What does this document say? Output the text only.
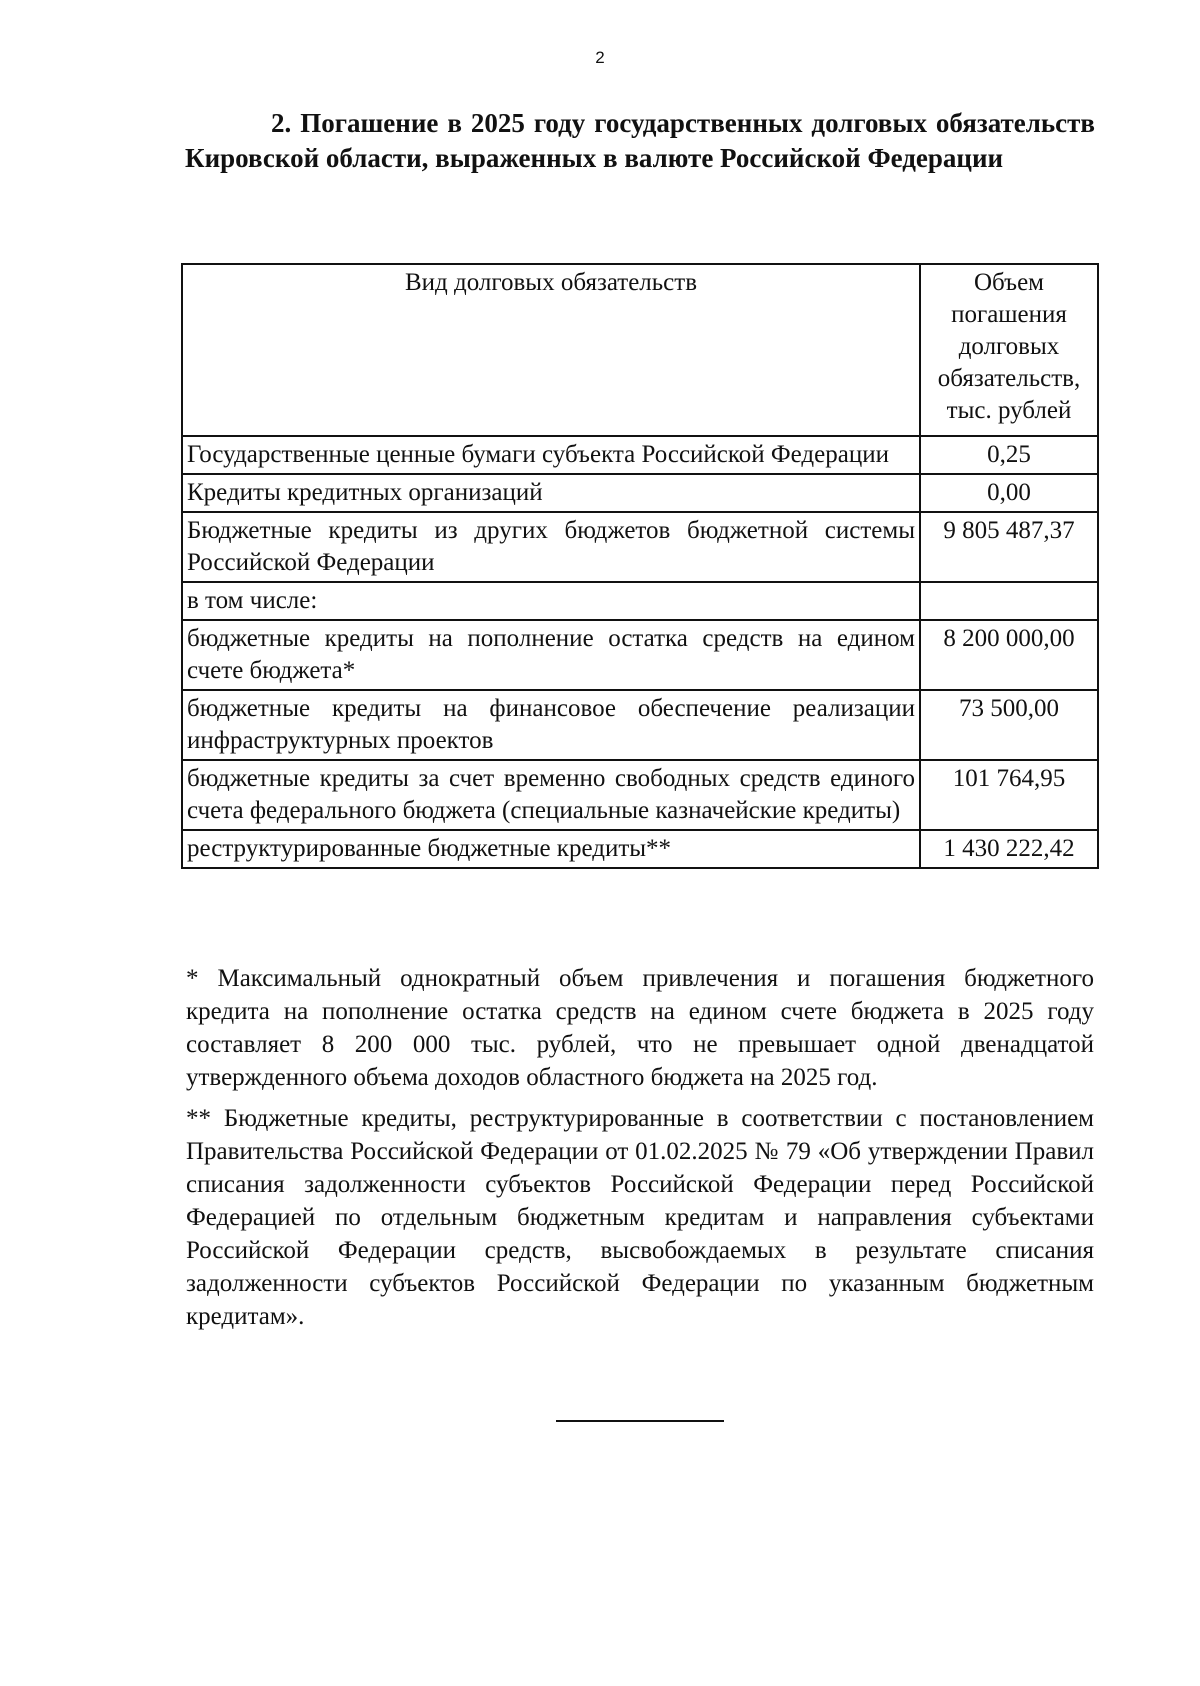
2
2. Погашение в 2025 году государственных долговых обязательств Кировской области, выраженных в валюте Российской Федерации
Вид долговых обязательств	Объем погашения долговых обязательств, тыс. рублей
Государственные ценные бумаги субъекта Российской Федерации	0,25
Кредиты кредитных организаций	0,00
Бюджетные кредиты из других бюджетов бюджетной системы Российской Федерации	9 805 487,37
в том числе:	
бюджетные кредиты на пополнение остатка средств на едином счете бюджета*	8 200 000,00
бюджетные кредиты на финансовое обеспечение реализации инфраструктурных проектов	73 500,00
бюджетные кредиты за счет временно свободных средств единого счета федерального бюджета (специальные казначейские кредиты)	101 764,95
реструктурированные бюджетные кредиты**	1 430 222,42

* Максимальный однократный объем привлечения и погашения бюджетного кредита на пополнение остатка средств на едином счете бюджета в 2025 году составляет 8 200 000 тыс. рублей, что не превышает одной двенадцатой утвержденного объема доходов областного бюджета на 2025 год.

** Бюджетные кредиты, реструктурированные в соответствии с постановлением Правительства Российской Федерации от 01.02.2025 № 79 «Об утверждении Правил списания задолженности субъектов Российской Федерации перед Российской Федерацией по отдельным бюджетным кредитам и направления субъектами Российской Федерации средств, высвобождаемых в результате списания задолженности субъектов Российской Федерации по указанным бюджетным кредитам».
